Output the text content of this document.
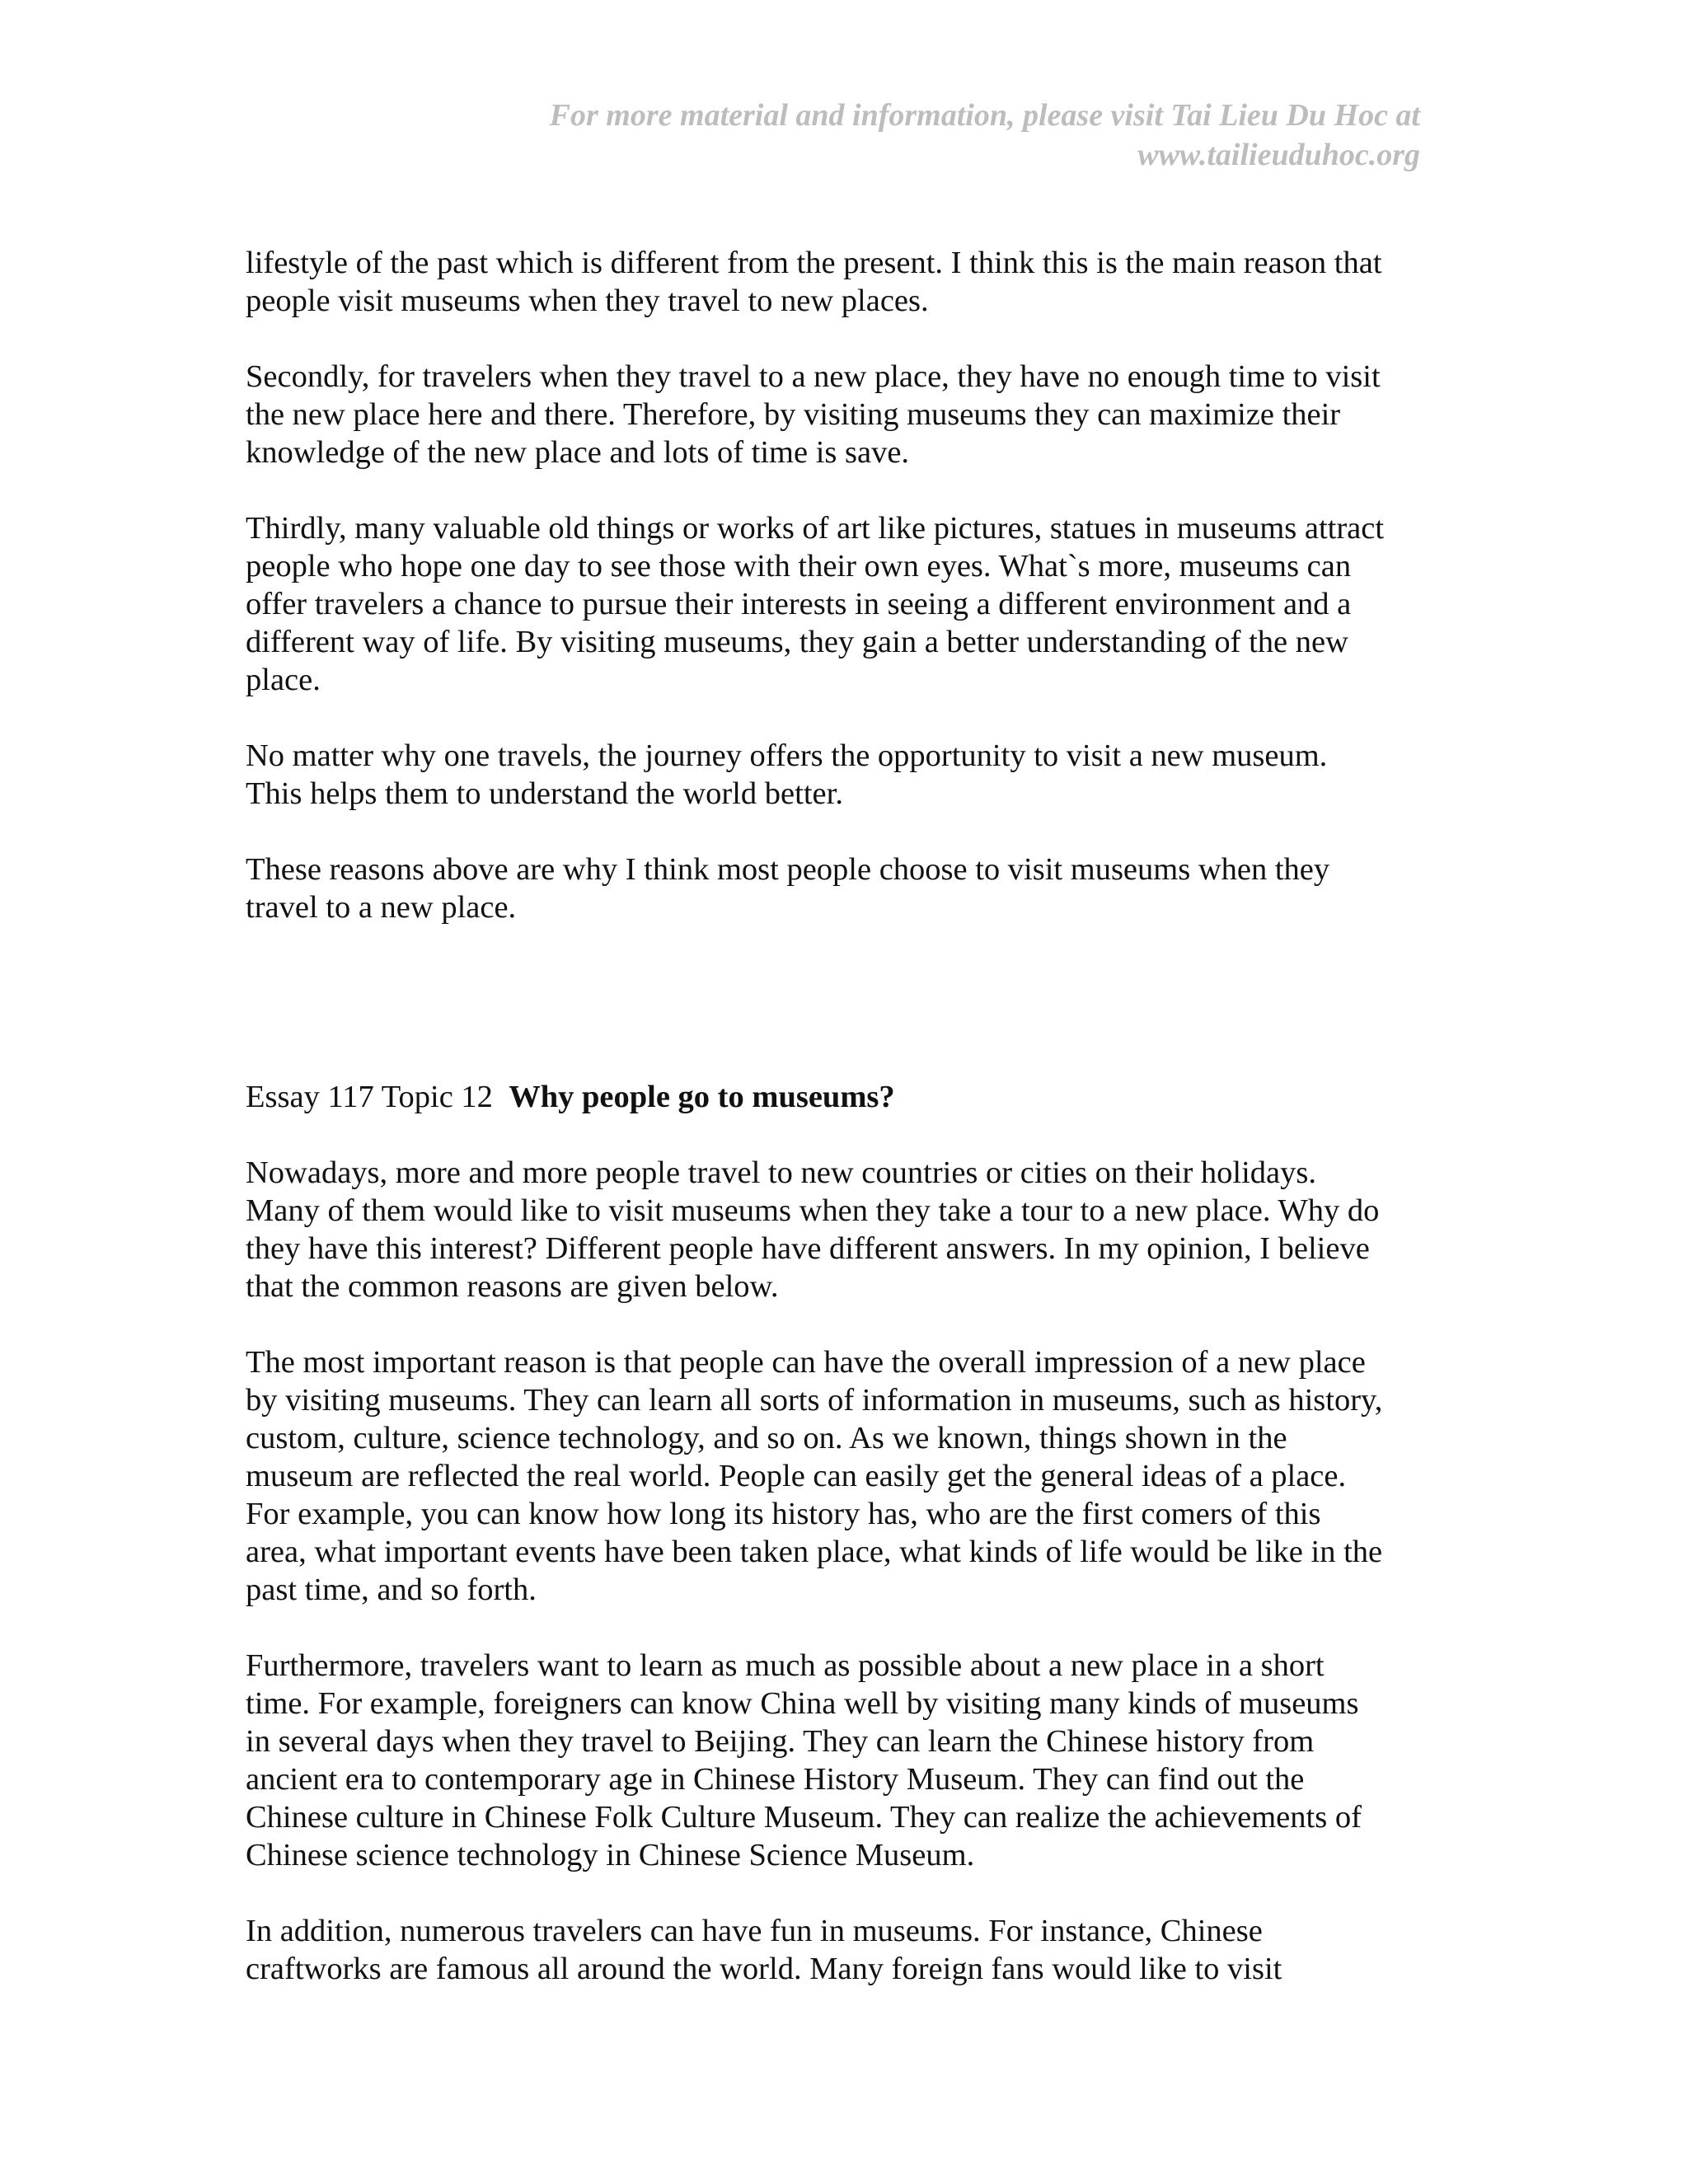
For more material and information, please visit Tai Lieu Du Hoc at
www.tailieuduhoc.org

lifestyle of the past which is different from the present. I think this is the main reason that
people visit museums when they travel to new places.

Secondly, for travelers when they travel to a new place, they have no enough time to visit
the new place here and there. Therefore, by visiting museums they can maximize their
knowledge of the new place and lots of time is save.

Thirdly, many valuable old things or works of art like pictures, statues in museums attract
people who hope one day to see those with their own eyes. What`s more, museums can
offer travelers a chance to pursue their interests in seeing a different environment and a
different way of life. By visiting museums, they gain a better understanding of the new
place.

No matter why one travels, the journey offers the opportunity to visit a new museum.
This helps them to understand the world better.

These reasons above are why I think most people choose to visit museums when they
travel to a new place.

Essay 117 Topic 12 Why people go to museums?

Nowadays, more and more people travel to new countries or cities on their holidays.
Many of them would like to visit museums when they take a tour to a new place. Why do
they have this interest? Different people have different answers. In my opinion, I believe
that the common reasons are given below.

The most important reason is that people can have the overall impression of a new place
by visiting museums. They can learn all sorts of information in museums, such as history,
custom, culture, science technology, and so on. As we known, things shown in the
museum are reflected the real world. People can easily get the general ideas of a place.
For example, you can know how long its history has, who are the first comers of this
area, what important events have been taken place, what kinds of life would be like in the
past time, and so forth.

Furthermore, travelers want to learn as much as possible about a new place in a short
time. For example, foreigners can know China well by visiting many kinds of museums
in several days when they travel to Beijing. They can learn the Chinese history from
ancient era to contemporary age in Chinese History Museum. They can find out the
Chinese culture in Chinese Folk Culture Museum. They can realize the achievements of
Chinese science technology in Chinese Science Museum.

In addition, numerous travelers can have fun in museums. For instance, Chinese
craftworks are famous all around the world. Many foreign fans would like to visit
